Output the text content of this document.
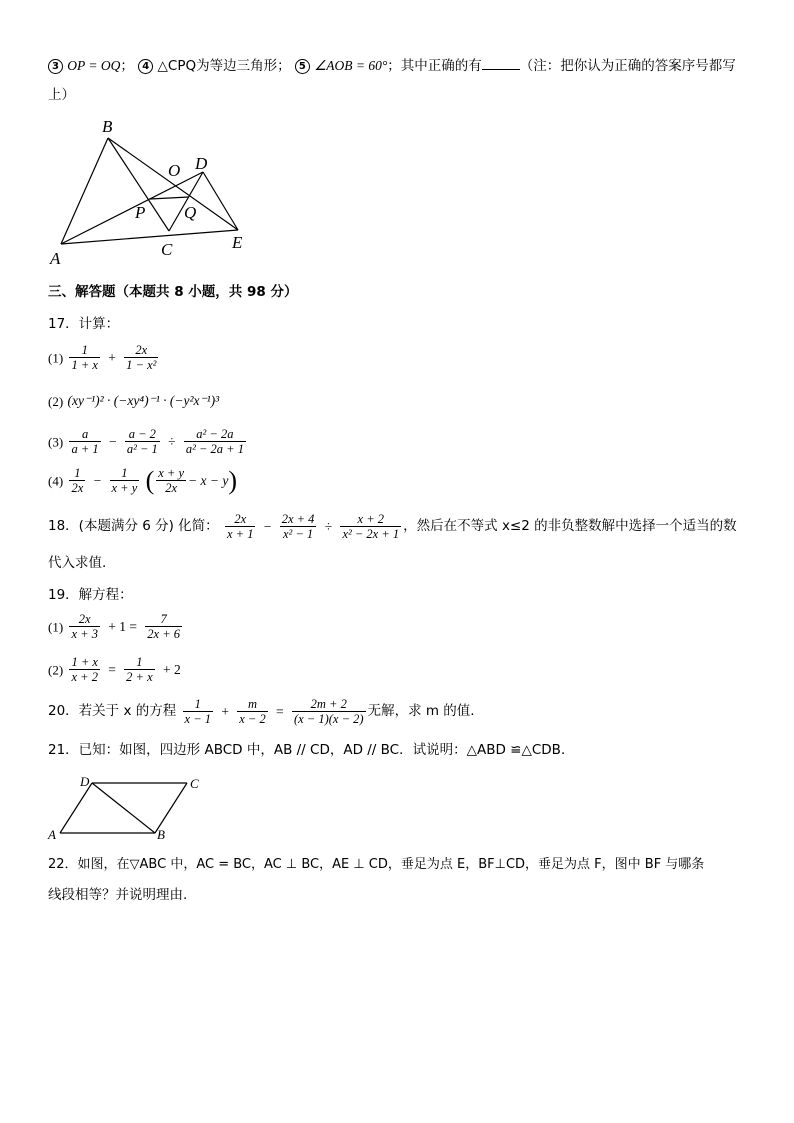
3 OP = OQ； 4 △CPQ为等边三角形； 5 ∠AOB = 60°；其中正确的有	（注：把你认为正确的答案序号都写
上）
B
O D
P Q
A	C	E
三、解答题（本题共 8 小题，共 98 分）
17．计算：
$(1) \frac{1}{1 + x} + \frac{2x}{\text{1 − x²}}$
(2) (xy⁻¹)² · (−xy⁴)⁻¹ · (−y²x⁻¹)³
$(3) \frac{a}{a + 1} - \frac{a - 2}{\text{a² − 1}} \div \frac{\text{a² − 2a}}{\text{a² − 2a + 1}}$
$(4) \frac{1}{2x} - \frac{1}{x + y}$ ( $\frac{x + y}{2x} - x - y$)
18．(本题满分 6 分) 化简： $\frac{2x}{x + 1} - \frac{2x + 4}{\text{x² − 1}} \div \frac{x + 2}{\text{x² − 2x + 1}}$ ，然后在不等式 x≤2 的非负整数解中选择一个适当的数
代入求值.
19．解方程：
$(1) \frac{2x}{x + 3} + 1 = \frac{7}{2x + 6}$
$(2) \frac{1 + x}{x + 2} = \frac{1}{2 + x} + 2$
20．若关于 x 的方程 $\frac{1}{x - 1} + \frac{m}{x - 2} = \frac{2m + 2}{(x - 1)(x - 2)}$ 无解，求 m 的值.
21．已知：如图，四边形 ABCD 中，AB // CD，AD // BC．试说明：△ABD ≌△CDB．
D	C
A	B
22．如图，在▽ABC 中，AC = BC，AC ⊥ BC，AE ⊥ CD，垂足为点 E，BF⊥CD，垂足为点 F，图中 BF 与哪条
线段相等？并说明理由.
